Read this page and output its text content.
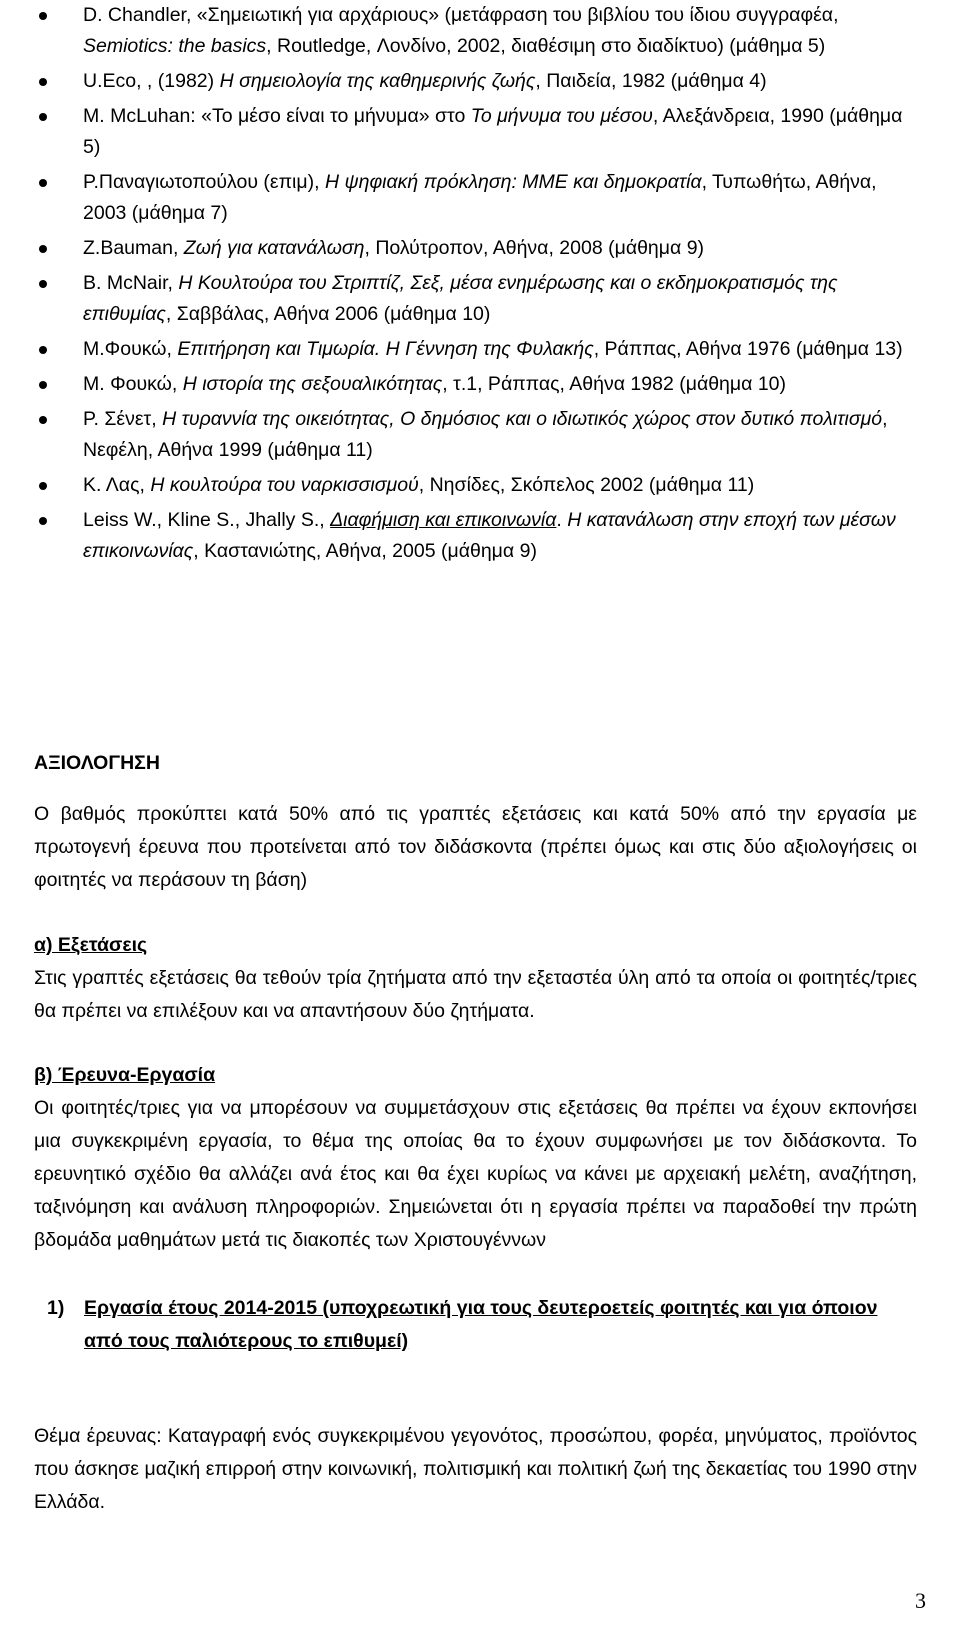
D. Chandler, «Σημειωτική για αρχάριους» (μετάφραση του βιβλίου του ίδιου συγγραφέα, Semiotics: the basics, Routledge, Λονδίνο, 2002, διαθέσιμη στο διαδίκτυο) (μάθημα 5)
U.Eco, , (1982) Η σημειολογία της καθημερινής ζωής, Παιδεία, 1982 (μάθημα 4)
M. McLuhan: «Το μέσο είναι το μήνυμα» στο Το μήνυμα του μέσου, Αλεξάνδρεια, 1990 (μάθημα 5)
Ρ.Παναγιωτοπούλου (επιμ), Η ψηφιακή πρόκληση: ΜΜΕ και δημοκρατία, Τυπωθήτω, Αθήνα, 2003 (μάθημα 7)
Z.Bauman, Ζωή για κατανάλωση, Πολύτροπον, Αθήνα, 2008 (μάθημα 9)
B. McNair, Η Κουλτούρα του Στριπτίζ, Σεξ, μέσα ενημέρωσης και ο εκδημοκρατισμός της επιθυμίας, Σαββάλας, Αθήνα 2006 (μάθημα 10)
Μ.Φουκώ, Επιτήρηση και Τιμωρία. Η Γέννηση της Φυλακής, Ράππας, Αθήνα 1976 (μάθημα 13)
Μ. Φουκώ, Η ιστορία της σεξουαλικότητας, τ.1, Ράππας, Αθήνα 1982 (μάθημα 10)
Ρ. Σένετ, Η τυραννία της οικειότητας, Ο δημόσιος και ο ιδιωτικός χώρος στον δυτικό πολιτισμό, Νεφέλη, Αθήνα 1999 (μάθημα 11)
Κ. Λας, Η κουλτούρα του ναρκισσισμού, Νησίδες, Σκόπελος 2002 (μάθημα 11)
Leiss W., Kline S., Jhally S., Διαφήμιση και επικοινωνία. Η κατανάλωση στην εποχή των μέσων επικοινωνίας, Καστανιώτης, Αθήνα, 2005 (μάθημα 9)
ΑΞΙΟΛΟΓΗΣΗ
Ο βαθμός προκύπτει κατά 50% από τις γραπτές εξετάσεις και κατά 50% από την εργασία με πρωτογενή έρευνα που προτείνεται από τον διδάσκοντα (πρέπει όμως και στις δύο αξιολογήσεις οι φοιτητές να περάσουν τη βάση)
α) Εξετάσεις
Στις γραπτές εξετάσεις θα τεθούν τρία ζητήματα από την εξεταστέα ύλη από τα οποία οι φοιτητές/τριες θα πρέπει να επιλέξουν και να απαντήσουν δύο ζητήματα.
β) Έρευνα-Εργασία
Οι φοιτητές/τριες για να μπορέσουν να συμμετάσχουν στις εξετάσεις θα πρέπει να έχουν εκπονήσει μια συγκεκριμένη εργασία, το θέμα της οποίας θα το έχουν συμφωνήσει με τον διδάσκοντα. Το ερευνητικό σχέδιο θα αλλάζει ανά έτος και θα έχει κυρίως να κάνει με αρχειακή μελέτη, αναζήτηση, ταξινόμηση και ανάλυση πληροφοριών. Σημειώνεται ότι η εργασία πρέπει να παραδοθεί την πρώτη βδομάδα μαθημάτων μετά τις διακοπές των Χριστουγέννων
1) Εργασία έτους 2014-2015 (υποχρεωτική για τους δευτεροετείς φοιτητές και για όποιον από τους παλιότερους το επιθυμεί)
Θέμα έρευνας: Καταγραφή ενός συγκεκριμένου γεγονότος, προσώπου, φορέα, μηνύματος, προϊόντος που άσκησε μαζική επιρροή στην κοινωνική, πολιτισμική και πολιτική ζωή της δεκαετίας του 1990 στην Ελλάδα.
3
